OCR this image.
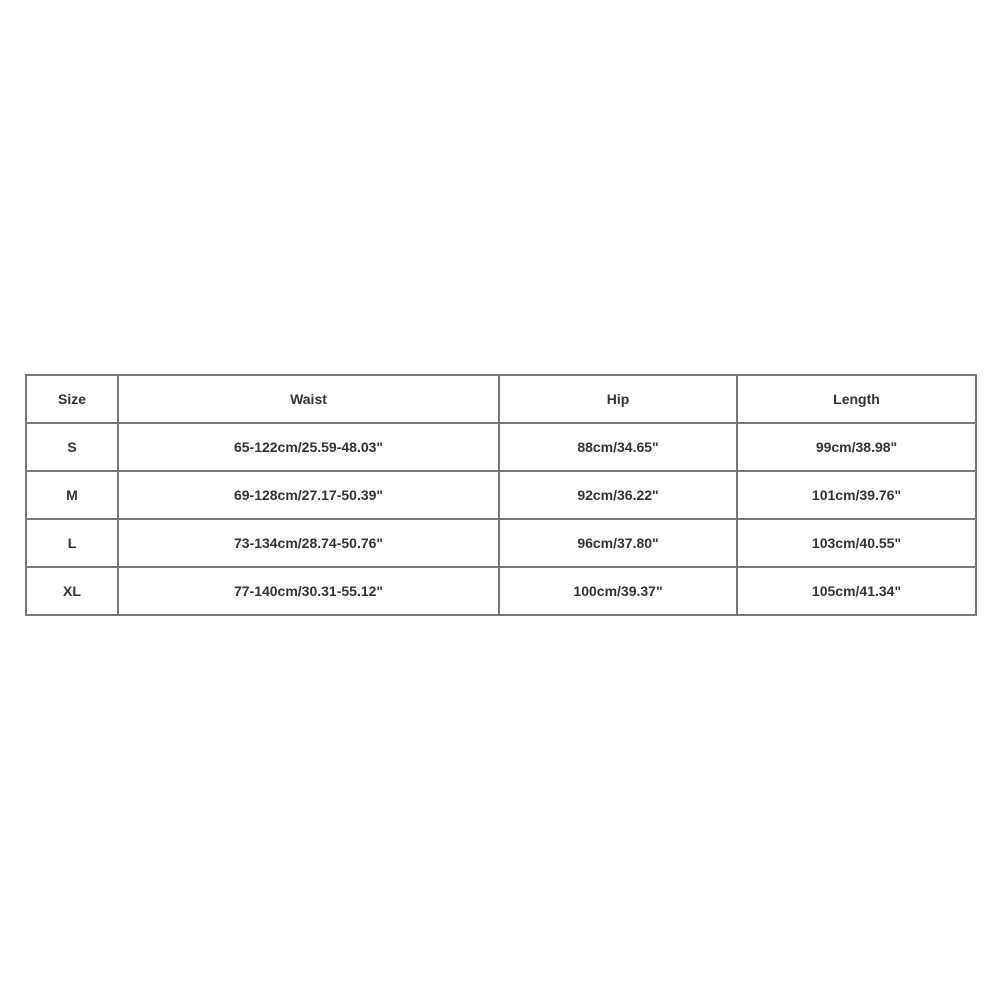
Size	Waist	Hip	Length
S	65-122cm/25.59-48.03"	88cm/34.65"	99cm/38.98"
M	69-128cm/27.17-50.39"	92cm/36.22"	101cm/39.76"
L	73-134cm/28.74-50.76"	96cm/37.80"	103cm/40.55"
XL	77-140cm/30.31-55.12"	100cm/39.37"	105cm/41.34"
